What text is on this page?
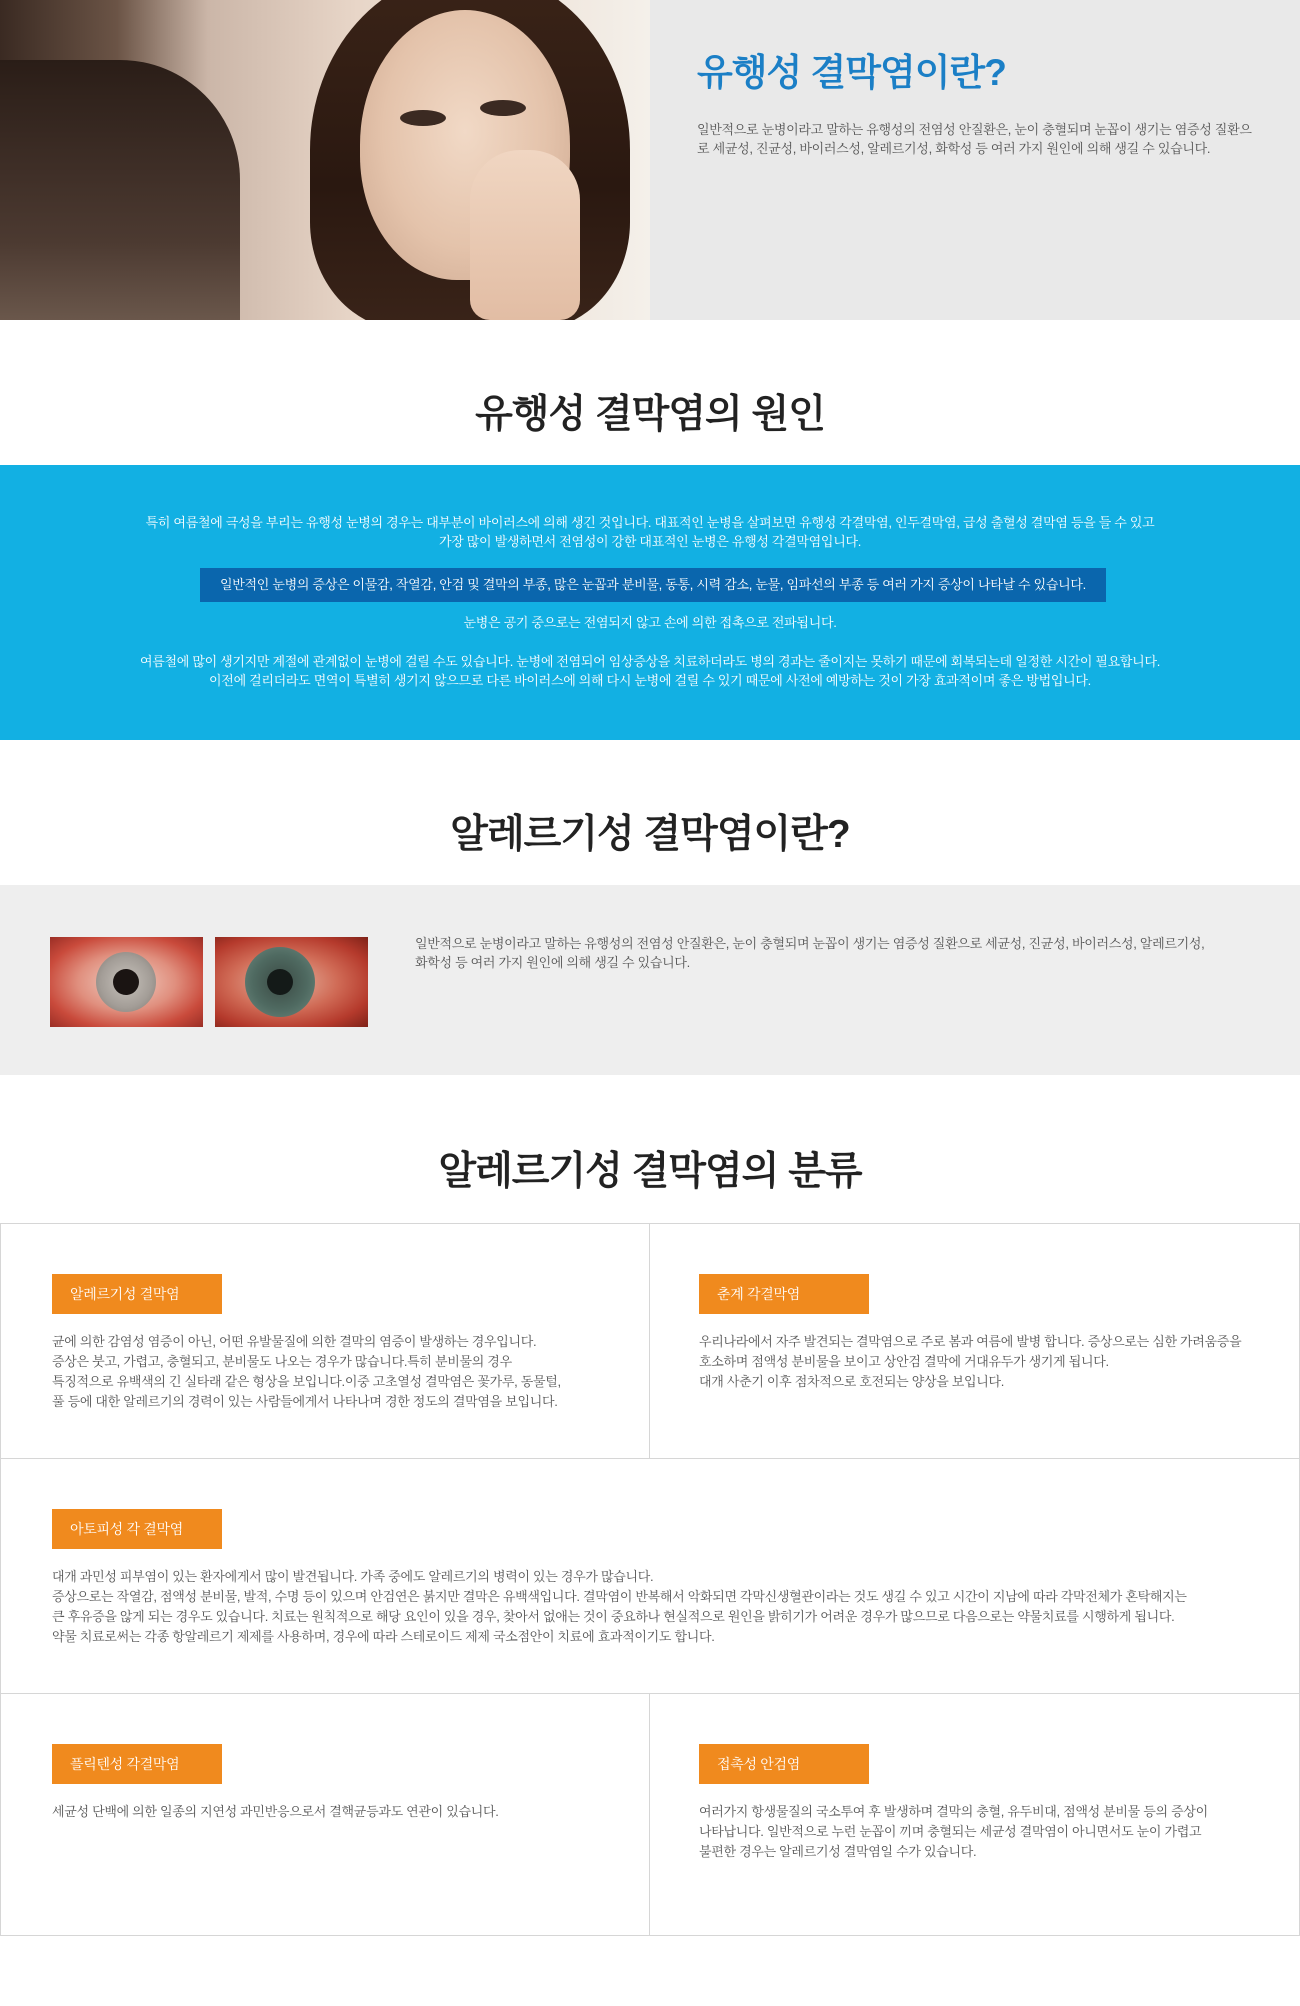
유행성 결막염이란?

일반적으로 눈병이라고 말하는 유행성의 전염성 안질환은, 눈이 충혈되며 눈꼽이 생기는 염증성 질환으로 세균성, 진균성, 바이러스성, 알레르기성, 화학성 등 여러 가지 원인에 의해 생길 수 있습니다.

유행성 결막염의 원인

특히 여름철에 극성을 부리는 유행성 눈병의 경우는 대부분이 바이러스에 의해 생긴 것입니다. 대표적인 눈병을 살펴보면 유행성 각결막염, 인두결막염, 급성 출혈성 결막염 등을 들 수 있고

가장 많이 발생하면서 전염성이 강한 대표적인 눈병은 유행성 각결막염입니다.

일반적인 눈병의 증상은 이물감, 작열감, 안검 및 결막의 부종, 많은 눈꼽과 분비물, 동통, 시력 감소, 눈물, 임파선의 부종 등 여러 가지 증상이 나타날 수 있습니다.

눈병은 공기 중으로는 전염되지 않고 손에 의한 접촉으로 전파됩니다.

여름철에 많이 생기지만 계절에 관계없이 눈병에 걸릴 수도 있습니다. 눈병에 전염되어 임상증상을 치료하더라도 병의 경과는 줄이지는 못하기 때문에 회복되는데 일정한 시간이 필요합니다.

이전에 걸리더라도 면역이 특별히 생기지 않으므로 다른 바이러스에 의해 다시 눈병에 걸릴 수 있기 때문에 사전에 예방하는 것이 가장 효과적이며 좋은 방법입니다.

알레르기성 결막염이란?

일반적으로 눈병이라고 말하는 유행성의 전염성 안질환은, 눈이 충혈되며 눈꼽이 생기는 염증성 질환으로 세균성, 진균성, 바이러스성, 알레르기성,
화학성 등 여러 가지 원인에 의해 생길 수 있습니다.

알레르기성 결막염의 분류
알레르기성 결막염
균에 의한 감염성 염증이 아닌, 어떤 유발물질에 의한 결막의 염증이 발생하는 경우입니다.
증상은 붓고, 가렵고, 충혈되고, 분비물도 나오는 경우가 많습니다.특히 분비물의 경우
특징적으로 유백색의 긴 실타래 같은 형상을 보입니다.이중 고초열성 결막염은 꽃가루, 동물털,
풀 등에 대한 알레르기의 경력이 있는 사람들에게서 나타나며 경한 정도의 결막염을 보입니다.
춘계 각결막염
우리나라에서 자주 발견되는 결막염으로 주로 봄과 여름에 발병 합니다. 증상으로는 심한 가려움증을
호소하며 점액성 분비물을 보이고 상안검 결막에 거대유두가 생기게 됩니다.
대개 사춘기 이후 점차적으로 호전되는 양상을 보입니다.
아토피성 각 결막염
대개 과민성 피부염이 있는 환자에게서 많이 발견됩니다. 가족 중에도 알레르기의 병력이 있는 경우가 많습니다.
증상으로는 작열감, 점액성 분비물, 발적, 수명 등이 있으며 안검연은 붉지만 결막은 유백색입니다. 결막염이 반복해서 악화되면 각막신생혈관이라는 것도 생길 수 있고 시간이 지남에 따라 각막전체가 혼탁해지는
큰 후유증을 않게 되는 경우도 있습니다. 치료는 원칙적으로 해당 요인이 있을 경우, 찾아서 없애는 것이 중요하나 현실적으로 원인을 밝히기가 어려운 경우가 많으므로 다음으로는 약물치료를 시행하게 됩니다.
약물 치료로써는 각종 항알레르기 제제를 사용하며, 경우에 따라 스테로이드 제제 국소점안이 치료에 효과적이기도 합니다.
플릭텐성 각결막염
세균성 단백에 의한 일종의 지연성 과민반응으로서 결핵균등과도 연관이 있습니다.
접촉성 안검염
여러가지 항생물질의 국소투여 후 발생하며 결막의 충혈, 유두비대, 점액성 분비물 등의 증상이
나타납니다. 일반적으로 누런 눈꼽이 끼며 충혈되는 세균성 결막염이 아니면서도 눈이 가렵고
불편한 경우는 알레르기성 결막염일 수가 있습니다.
